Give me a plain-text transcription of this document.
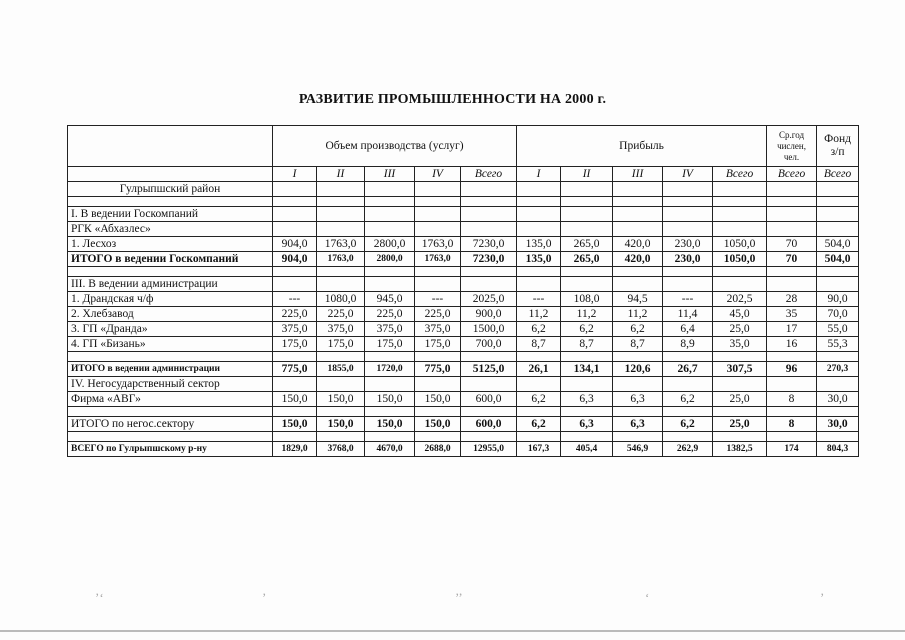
РАЗВИТИЕ ПРОМЫШЛЕННОСТИ НА 2000 г.
	Объем производства (услуг)					Прибыль					Ср.год числен, чел.	Фонд з/п
	I	II	III	IV	Всего	I	II	III	IV	Всего	Всего	Всего
Гулрыпшский район												

I. В ведении Госкомпаний												
РГК «Абхазлес»												
1. Лесхоз	904,0	1763,0	2800,0	1763,0	7230,0	135,0	265,0	420,0	230,0	1050,0	70	504,0
ИТОГО в ведении Госкомпаний	904,0	1763,0	2800,0	1763,0	7230,0	135,0	265,0	420,0	230,0	1050,0	70	504,0

III. В ведении администрации												
1. Драндская ч/ф	---	1080,0	945,0	---	2025,0	---	108,0	94,5	---	202,5	28	90,0
2. Хлебзавод	225,0	225,0	225,0	225,0	900,0	11,2	11,2	11,2	11,4	45,0	35	70,0
3. ГП «Дранда»	375,0	375,0	375,0	375,0	1500,0	6,2	6,2	6,2	6,4	25,0	17	55,0
4. ГП «Бизань»	175,0	175,0	175,0	175,0	700,0	8,7	8,7	8,7	8,9	35,0	16	55,3

ИТОГО в ведении администрации	775,0	1855,0	1720,0	775,0	5125,0	26,1	134,1	120,6	26,7	307,5	96	270,3
IV. Негосударственный сектор												
Фирма «АВГ»	150,0	150,0	150,0	150,0	600,0	6,2	6,3	6,3	6,2	25,0	8	30,0

ИТОГО по негос.сектору	150,0	150,0	150,0	150,0	600,0	6,2	6,3	6,3	6,2	25,0	8	30,0

ВСЕГО по Гулрыпшскому р-ну	1829,0	3768,0	4670,0	2688,0	12955,0	167,3	405,4	546,9	262,9	1382,5	174	804,3
’‘	’	’’	‘	’
